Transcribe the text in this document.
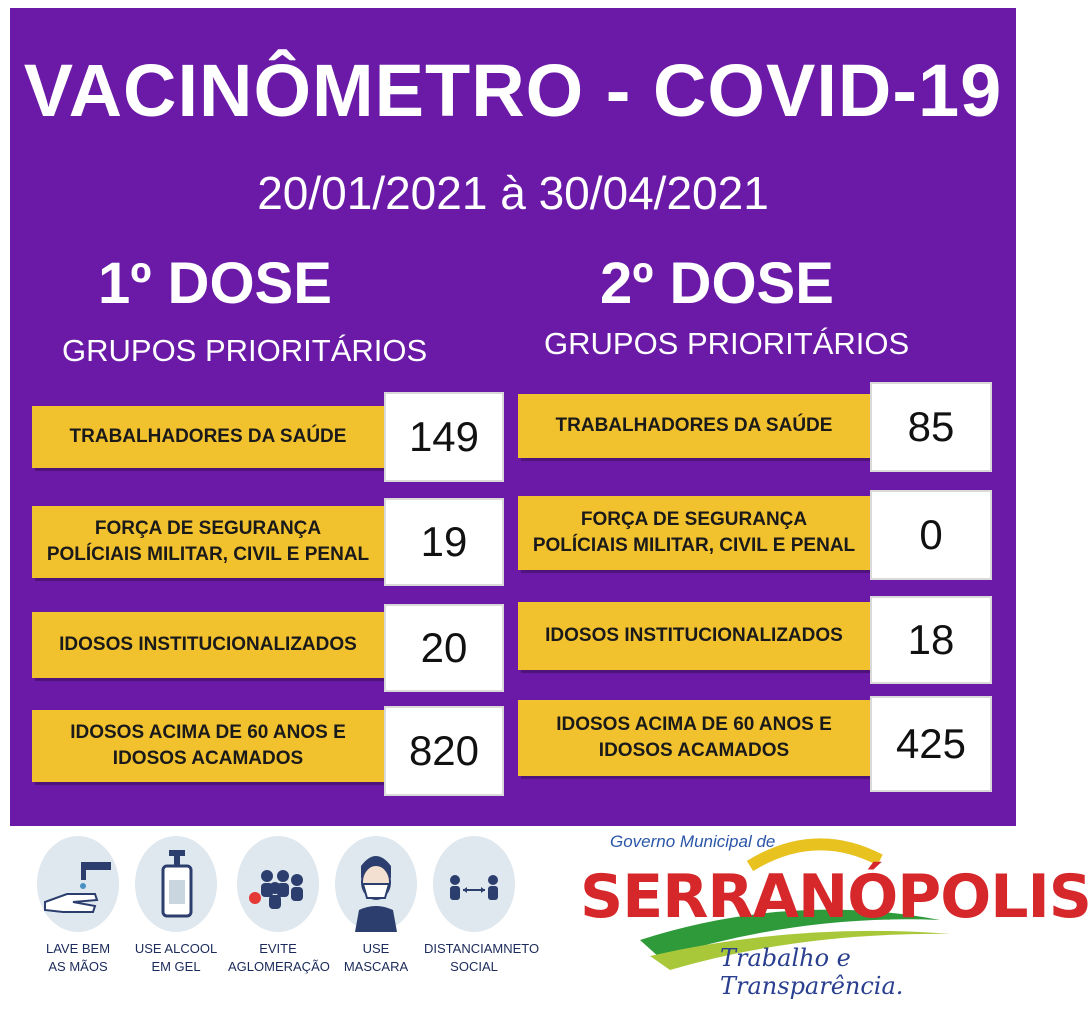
VACINÔMETRO - COVID-19
20/01/2021 à 30/04/2021
1º DOSE
GRUPOS PRIORITÁRIOS
TRABALHADORES DA SAÚDE	149
FORÇA DE SEGURANÇA
POLÍCIAIS MILITAR, CIVIL E PENAL	19
IDOSOS INSTITUCIONALIZADOS	20
IDOSOS ACIMA DE 60 ANOS E
IDOSOS ACAMADOS	820
2º DOSE
GRUPOS PRIORITÁRIOS
TRABALHADORES DA SAÚDE	85
FORÇA DE SEGURANÇA
POLÍCIAIS MILITAR, CIVIL E PENAL	0
IDOSOS INSTITUCIONALIZADOS	18
IDOSOS ACIMA DE 60 ANOS E
IDOSOS ACAMADOS	425
LAVE BEM
AS MÃOS
USE ALCOOL
EM GEL
EVITE
AGLOMERAÇÃO
USE
MASCARA
DISTANCIAMNETO
SOCIAL
Governo Municipal de
SERRANÓPOLIS
Trabalho e Transparência.
